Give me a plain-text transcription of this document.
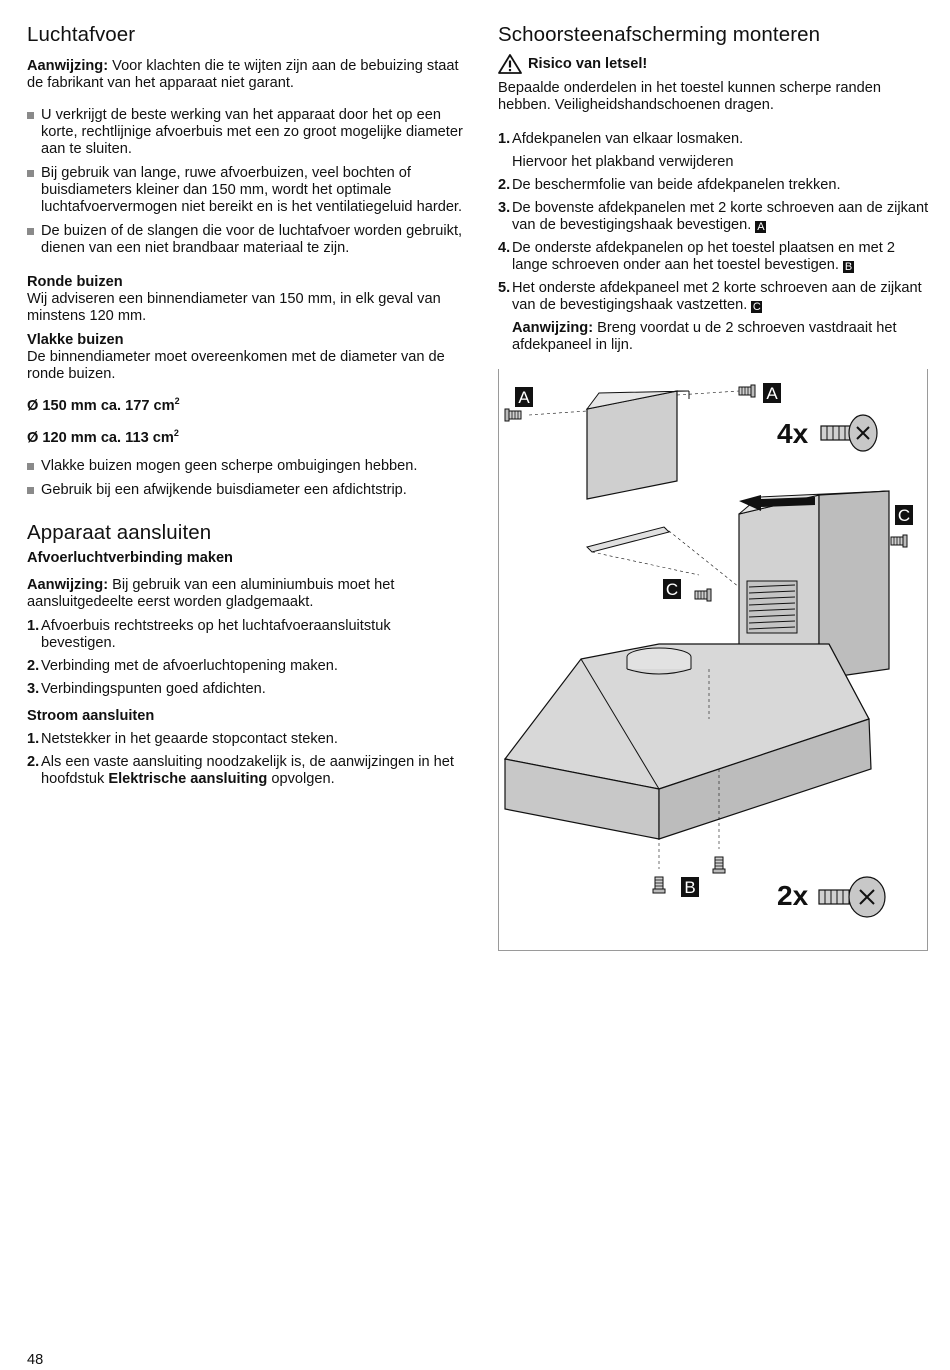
Luchtafvoer

Aanwijzing: Voor klachten die te wijten zijn aan de bebuizing staat de fabrikant van het apparaat niet garant.

U verkrijgt de beste werking van het apparaat door het op een korte, rechtlijnige afvoerbuis met een zo groot mogelijke diameter aan te sluiten.
Bij gebruik van lange, ruwe afvoerbuizen, veel bochten of buisdiameters kleiner dan 150 mm, wordt het optimale luchtafvoervermogen niet bereikt en is het ventilatiegeluid harder.
De buizen of de slangen die voor de luchtafvoer worden gebruikt, dienen van een niet brandbaar materiaal te zijn.
Ronde buizen

Wij adviseren een binnendiameter van 150 mm, in elk geval van minstens 120 mm.

Vlakke buizen

De binnendiameter moet overeenkomen met de diameter van de ronde buizen.

Ø 150 mm ca. 177 $cm^2$

Ø 120 mm ca. 113 $cm^2$

Vlakke buizen mogen geen scherpe ombuigingen hebben.
Gebruik bij een afwijkende buisdiameter een afdichtstrip.
Apparaat aansluiten
Afvoerluchtverbinding maken

Aanwijzing: Bij gebruik van een aluminiumbuis moet het aansluitgedeelte eerst worden gladgemaakt.

1. Afvoerbuis rechtstreeks op het luchtafvoeraansluitstuk bevestigen.
2. Verbinding met de afvoerluchtopening maken.
3. Verbindingspunten goed afdichten.
Stroom aansluiten
1. Netstekker in het geaarde stopcontact steken.
2. Als een vaste aansluiting noodzakelijk is, de aanwijzingen in het hoofdstuk Elektrische aansluiting opvolgen.
Schoorsteenafscherming monteren
Risico van letsel!

Bepaalde onderdelen in het toestel kunnen scherpe randen hebben. Veiligheidshandschoenen dragen.

1. Afdekpanelen van elkaar losmaken.
Hiervoor het plakband verwijderen
2. De beschermfolie van beide afdekpanelen trekken.
3. De bovenste afdekpanelen met 2 korte schroeven aan de zijkant van de bevestigingshaak bevestigen. A
4. De onderste afdekpanelen op het toestel plaatsen en met 2 lange schroeven onder aan het toestel bevestigen. B
5. Het onderste afdekpaneel met 2 korte schroeven aan de zijkant van de bevestigingshaak vastzetten. C
Aanwijzing: Breng voordat u de 2 schroeven vastdraait het afdekpaneel in lijn.
A	A
C
C
B
4x
2x
48
